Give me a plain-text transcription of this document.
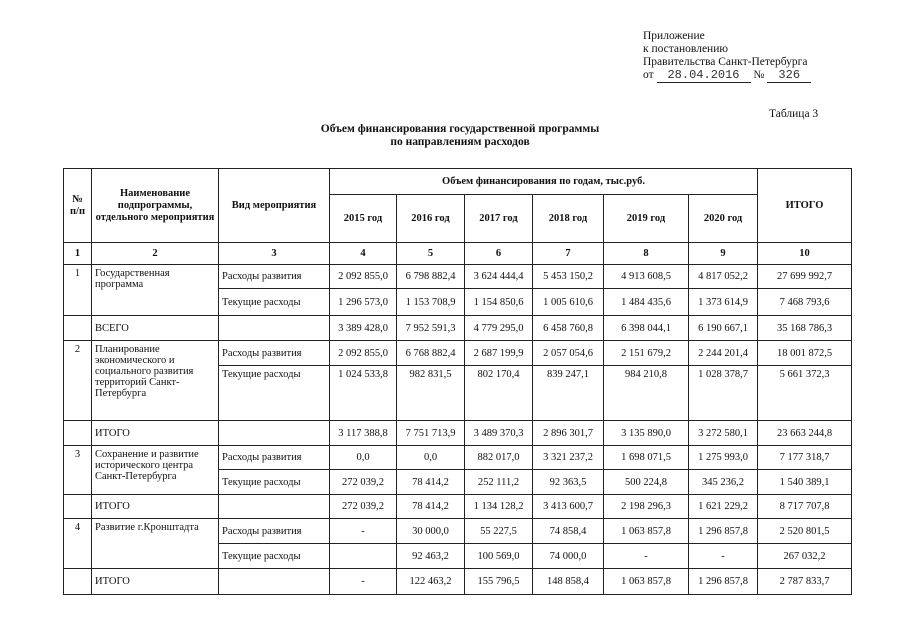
Приложение
к постановлению
Правительства Санкт-Петербурга
от 28.04.2016 № 326
Таблица 3
Объем финансирования государственной программы
по направлениям расходов
№ п/п	Наименование подпрограммы, отдельного мероприятия	Вид мероприятия	Объем финансирования по годам, тыс.руб.						ИТОГО
			2015 год	2016 год	2017 год	2018 год	2019 год	2020 год	
1	2	3	4	5	6	7	8	9	10
1	Государственная программа	Расходы развития	2 092 855,0	6 798 882,4	3 624 444,4	5 453 150,2	4 913 608,5	4 817 052,2	27 699 992,7
		Текущие расходы	1 296 573,0	1 153 708,9	1 154 850,6	1 005 610,6	1 484 435,6	1 373 614,9	7 468 793,6
	ВСЕГО		3 389 428,0	7 952 591,3	4 779 295,0	6 458 760,8	6 398 044,1	6 190 667,1	35 168 786,3
2	Планирование экономического и социального развития территорий Санкт-Петербурга	Расходы развития	2 092 855,0	6 768 882,4	2 687 199,9	2 057 054,6	2 151 679,2	2 244 201,4	18 001 872,5
		Текущие расходы	1 024 533,8	982 831,5	802 170,4	839 247,1	984 210,8	1 028 378,7	5 661 372,3
	ИТОГО		3 117 388,8	7 751 713,9	3 489 370,3	2 896 301,7	3 135 890,0	3 272 580,1	23 663 244,8
3	Сохранение и развитие исторического центра Санкт-Петербурга	Расходы развития	0,0	0,0	882 017,0	3 321 237,2	1 698 071,5	1 275 993,0	7 177 318,7
		Текущие расходы	272 039,2	78 414,2	252 111,2	92 363,5	500 224,8	345 236,2	1 540 389,1
	ИТОГО		272 039,2	78 414,2	1 134 128,2	3 413 600,7	2 198 296,3	1 621 229,2	8 717 707,8
4	Развитие г.Кронштадта	Расходы развития	-	30 000,0	55 227,5	74 858,4	1 063 857,8	1 296 857,8	2 520 801,5
		Текущие расходы		92 463,2	100 569,0	74 000,0	-	-	267 032,2
	ИТОГО		-	122 463,2	155 796,5	148 858,4	1 063 857,8	1 296 857,8	2 787 833,7
